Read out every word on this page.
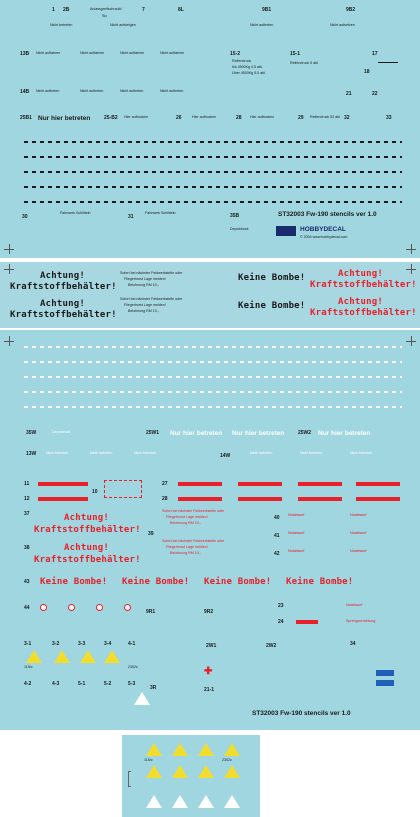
1 2B	Anlassgreifschraub/
Sic
7	8L	9B1	9B2
Nicht betreten	Nicht aufsteigen	Nicht auftreten	Nicht aufsetzen
13B Nicht auffahren	Nicht auffahren	Nicht auffahren	Nicht auffahren	15-2
Reifendruck
bis 4500Kg 4.5 atü
Über 4500Kg 5.0 atü
15-1
Reifendruck 5 atü
17
18
14B Nicht auftreten	Nicht auftreten	Nicht auftreten	Nicht auftreten	21	22
25B1 Nur hier betreten	25-B2 Hier aufbocken	26	Hier aufbocken	28 Hier aufbocken	29 Reifendruck 53 atü 32	33
30
Fahrwerk Schlittein
31
Fahrwerk Schlittein	35B
Depotdruck
ST32003 Fw-190 stencils ver 1.0
HOBBYDECAL
© 2004 www.hobbydecal.com
Achtung!
Kraftstoffbehälter!
Achtung!
Kraftstoffbehälter!
Sofort bei nächster Feldwerkstelle oder
Fliegerhorst Lage melden!
Belohnung RM 10,-
Sofort bei nächster Feldwerkstelle oder
Fliegerhorst Lage melden!
Belohnung RM 10,-
Keine Bombe!
Keine Bombe!
Achtung!
Kraftstoffbehälter!
Achtung!
Kraftstoffbehälter!
35W	Depotdruck	25W1 Nur hier betreten Nur hier betreten	25W2 Nur hier betreten
13W	Nicht betreten	Nicht betreten	Nicht betreten	14W	Nicht betreten	Nicht betreten	Nicht betreten
11
12
10
27
28
37	Achtung!
Kraftstoffbehälter!
38	Achtung!
Kraftstoffbehälter!
Sofort bei nächster Feldwerkstelle oder
Fliegerhorst Lage melden!
Belohnung RM 10,-
39
Sofort bei nächster Feldwerkstelle oder
Fliegerhorst Lage melden!
Belohnung RM 10,-
40 Notabwurf	Notabwurf
41 Notabwurf	Notabwurf
42 Notabwurf	Notabwurf
43 Keine Bombe! Keine Bombe! Keine Bombe! Keine Bombe!
44
9R1	9R2
23
24
Notabwurf
Sprengvorrichtung
3-1	3-2	3-3	3-4	4-1
115/c	2302c
4-2	4-3	5-1	5-2	5-3
3R	21-1
✚
2W1	2W2	34
ST32003 Fw-190 stencils ver 1.0
115/c	2302c
